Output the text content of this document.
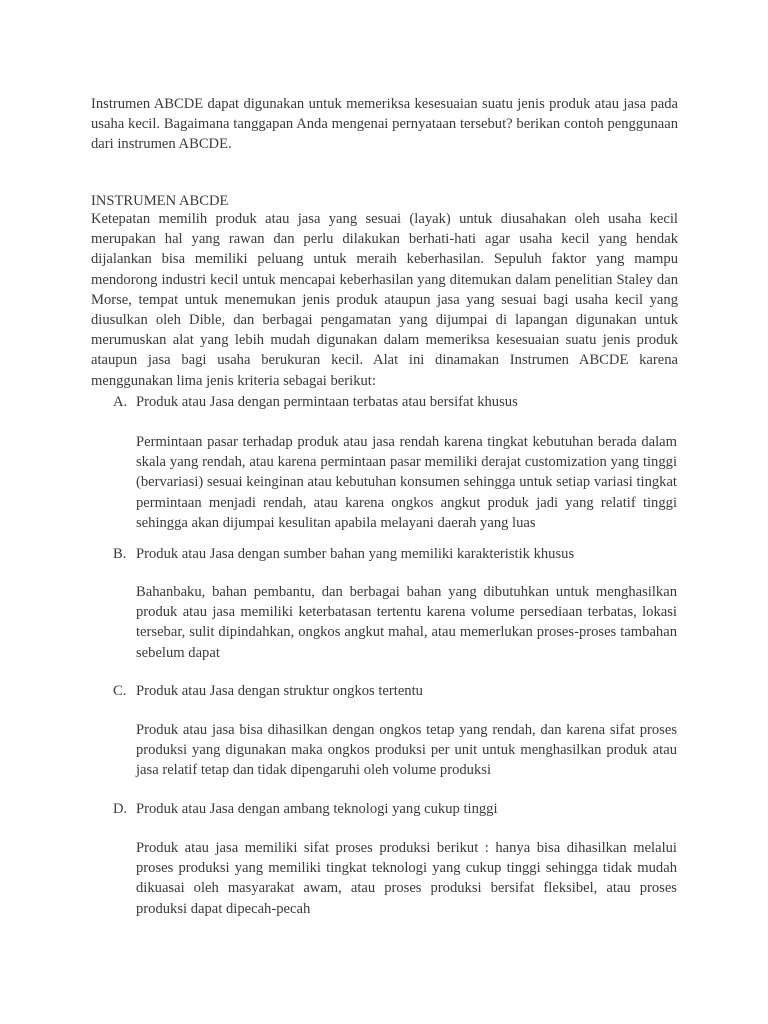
Instrumen ABCDE dapat digunakan untuk memeriksa kesesuaian suatu jenis produk atau jasa pada usaha kecil. Bagaimana tanggapan Anda mengenai pernyataan tersebut? berikan contoh penggunaan dari instrumen ABCDE.

INSTRUMEN ABCDE

Ketepatan memilih produk atau jasa yang sesuai (layak) untuk diusahakan oleh usaha kecil merupakan hal yang rawan dan perlu dilakukan berhati-hati agar usaha kecil yang hendak dijalankan bisa memiliki peluang untuk meraih keberhasilan. Sepuluh faktor yang mampu mendorong industri kecil untuk mencapai keberhasilan yang ditemukan dalam penelitian Staley dan Morse, tempat untuk menemukan jenis produk ataupun jasa yang sesuai bagi usaha kecil yang diusulkan oleh Dible, dan berbagai pengamatan yang dijumpai di lapangan digunakan untuk merumuskan alat yang lebih mudah digunakan dalam memeriksa kesesuaian suatu jenis produk ataupun jasa bagi usaha berukuran kecil. Alat ini dinamakan Instrumen ABCDE karena menggunakan lima jenis kriteria sebagai berikut:

A. Produk atau Jasa dengan permintaan terbatas atau bersifat khusus

Permintaan pasar terhadap produk atau jasa rendah karena tingkat kebutuhan berada dalam skala yang rendah, atau karena permintaan pasar memiliki derajat customization yang tinggi (bervariasi) sesuai keinginan atau kebutuhan konsumen sehingga untuk setiap variasi tingkat permintaan menjadi rendah, atau karena ongkos angkut produk jadi yang relatif tinggi sehingga akan dijumpai kesulitan apabila melayani daerah yang luas

B. Produk atau Jasa dengan sumber bahan yang memiliki karakteristik khusus

Bahanbaku, bahan pembantu, dan berbagai bahan yang dibutuhkan untuk menghasilkan produk atau jasa memiliki keterbatasan tertentu karena volume persediaan terbatas, lokasi tersebar, sulit dipindahkan, ongkos angkut mahal, atau memerlukan proses-proses tambahan sebelum dapat

C. Produk atau Jasa dengan struktur ongkos tertentu

Produk atau jasa bisa dihasilkan dengan ongkos tetap yang rendah, dan karena sifat proses produksi yang digunakan maka ongkos produksi per unit untuk menghasilkan produk atau jasa relatif tetap dan tidak dipengaruhi oleh volume produksi

D. Produk atau Jasa dengan ambang teknologi yang cukup tinggi

Produk atau jasa memiliki sifat proses produksi berikut : hanya bisa dihasilkan melalui proses produksi yang memiliki tingkat teknologi yang cukup tinggi sehingga tidak mudah dikuasai oleh masyarakat awam, atau proses produksi bersifat fleksibel, atau proses produksi dapat dipecah-pecah
